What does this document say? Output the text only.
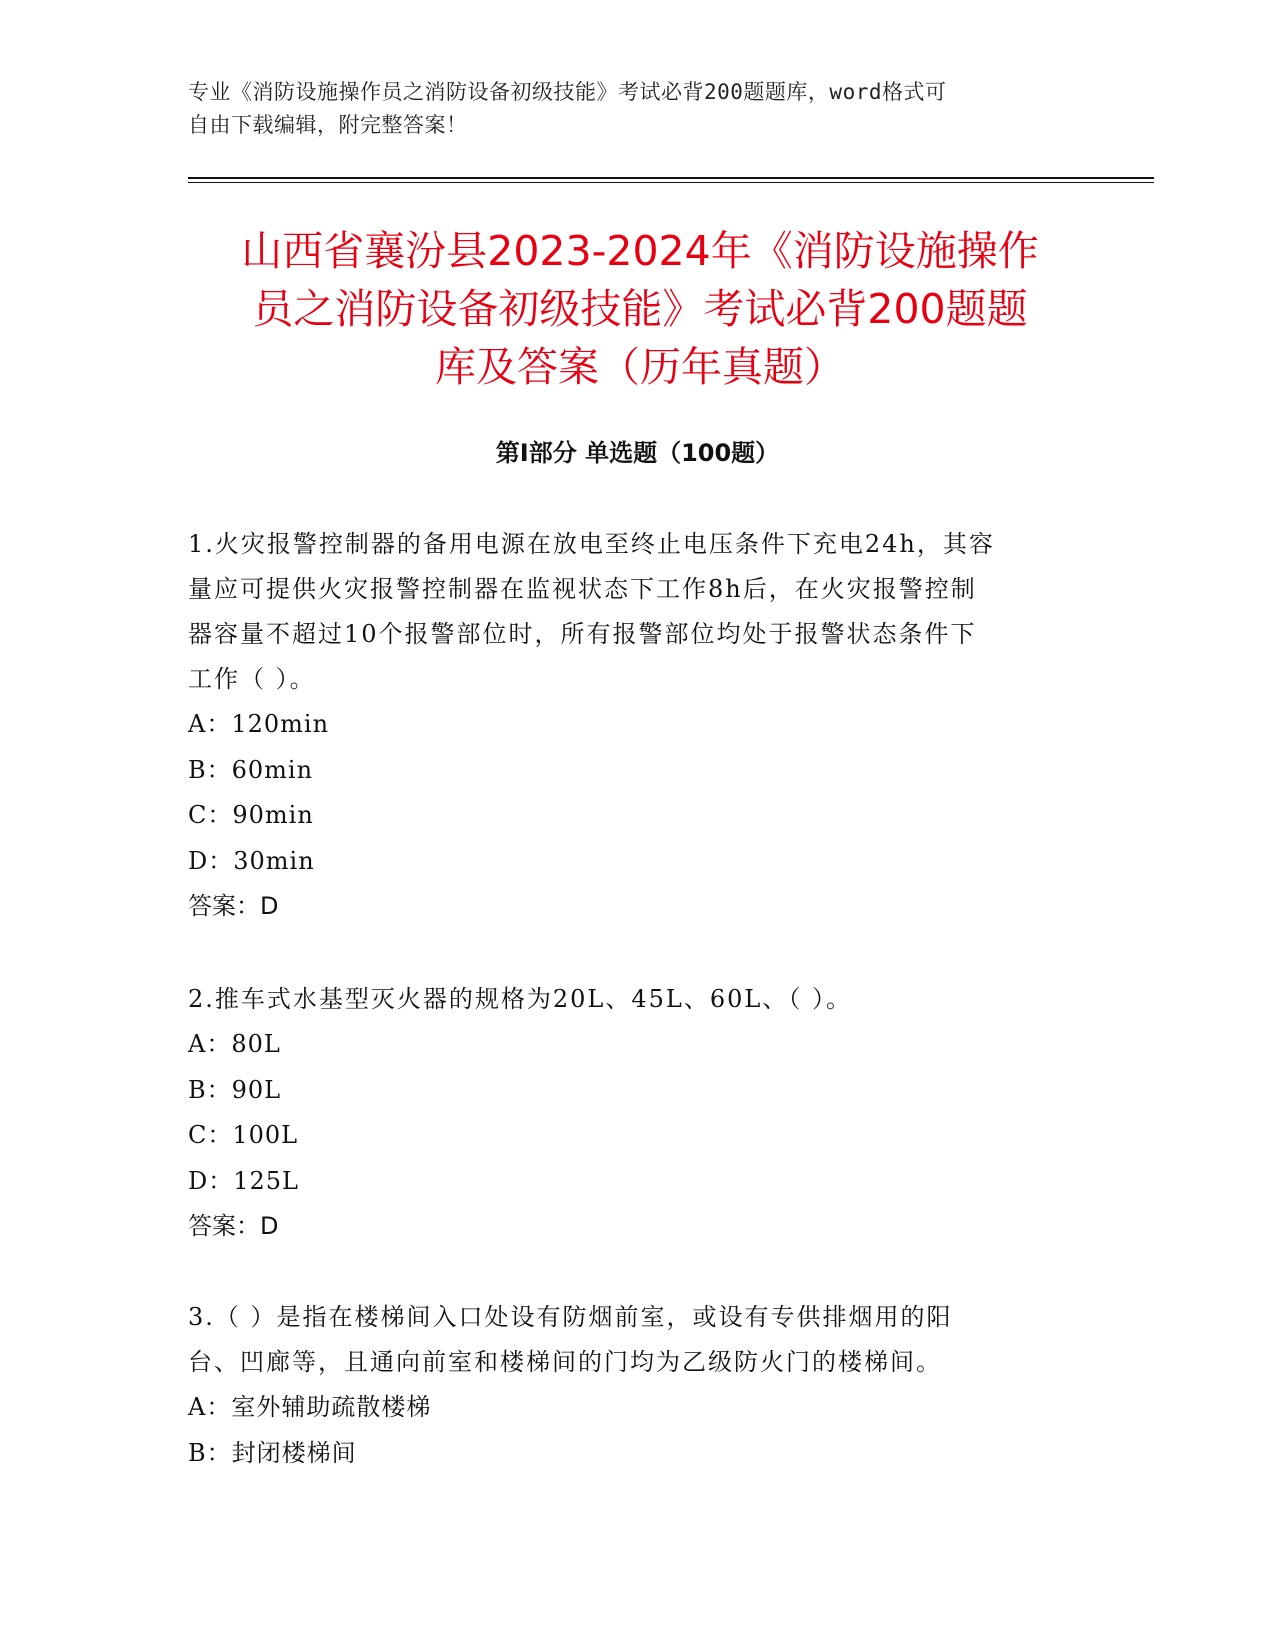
专业《消防设施操作员之消防设备初级技能》考试必背200题题库，word格式可
自由下载编辑，附完整答案！
山西省襄汾县2023-2024年《消防设施操作
员之消防设备初级技能》考试必背200题题
库及答案（历年真题）
第Ⅰ部分 单选题（100题）

1.火灾报警控制器的备用电源在放电至终止电压条件下充电24h，其容
量应可提供火灾报警控制器在监视状态下工作8h后，在火灾报警控制
器容量不超过10个报警部位时，所有报警部位均处于报警状态条件下
工作（ ）。

A：120min

B：60min

C：90min

D：30min

答案：D

2.推车式水基型灭火器的规格为20L、45L、60L、（ ）。

A：80L

B：90L

C：100L

D：125L

答案：D

3.（ ）是指在楼梯间入口处设有防烟前室，或设有专供排烟用的阳
台、凹廊等，且通向前室和楼梯间的门均为乙级防火门的楼梯间。

A：室外辅助疏散楼梯

B：封闭楼梯间
